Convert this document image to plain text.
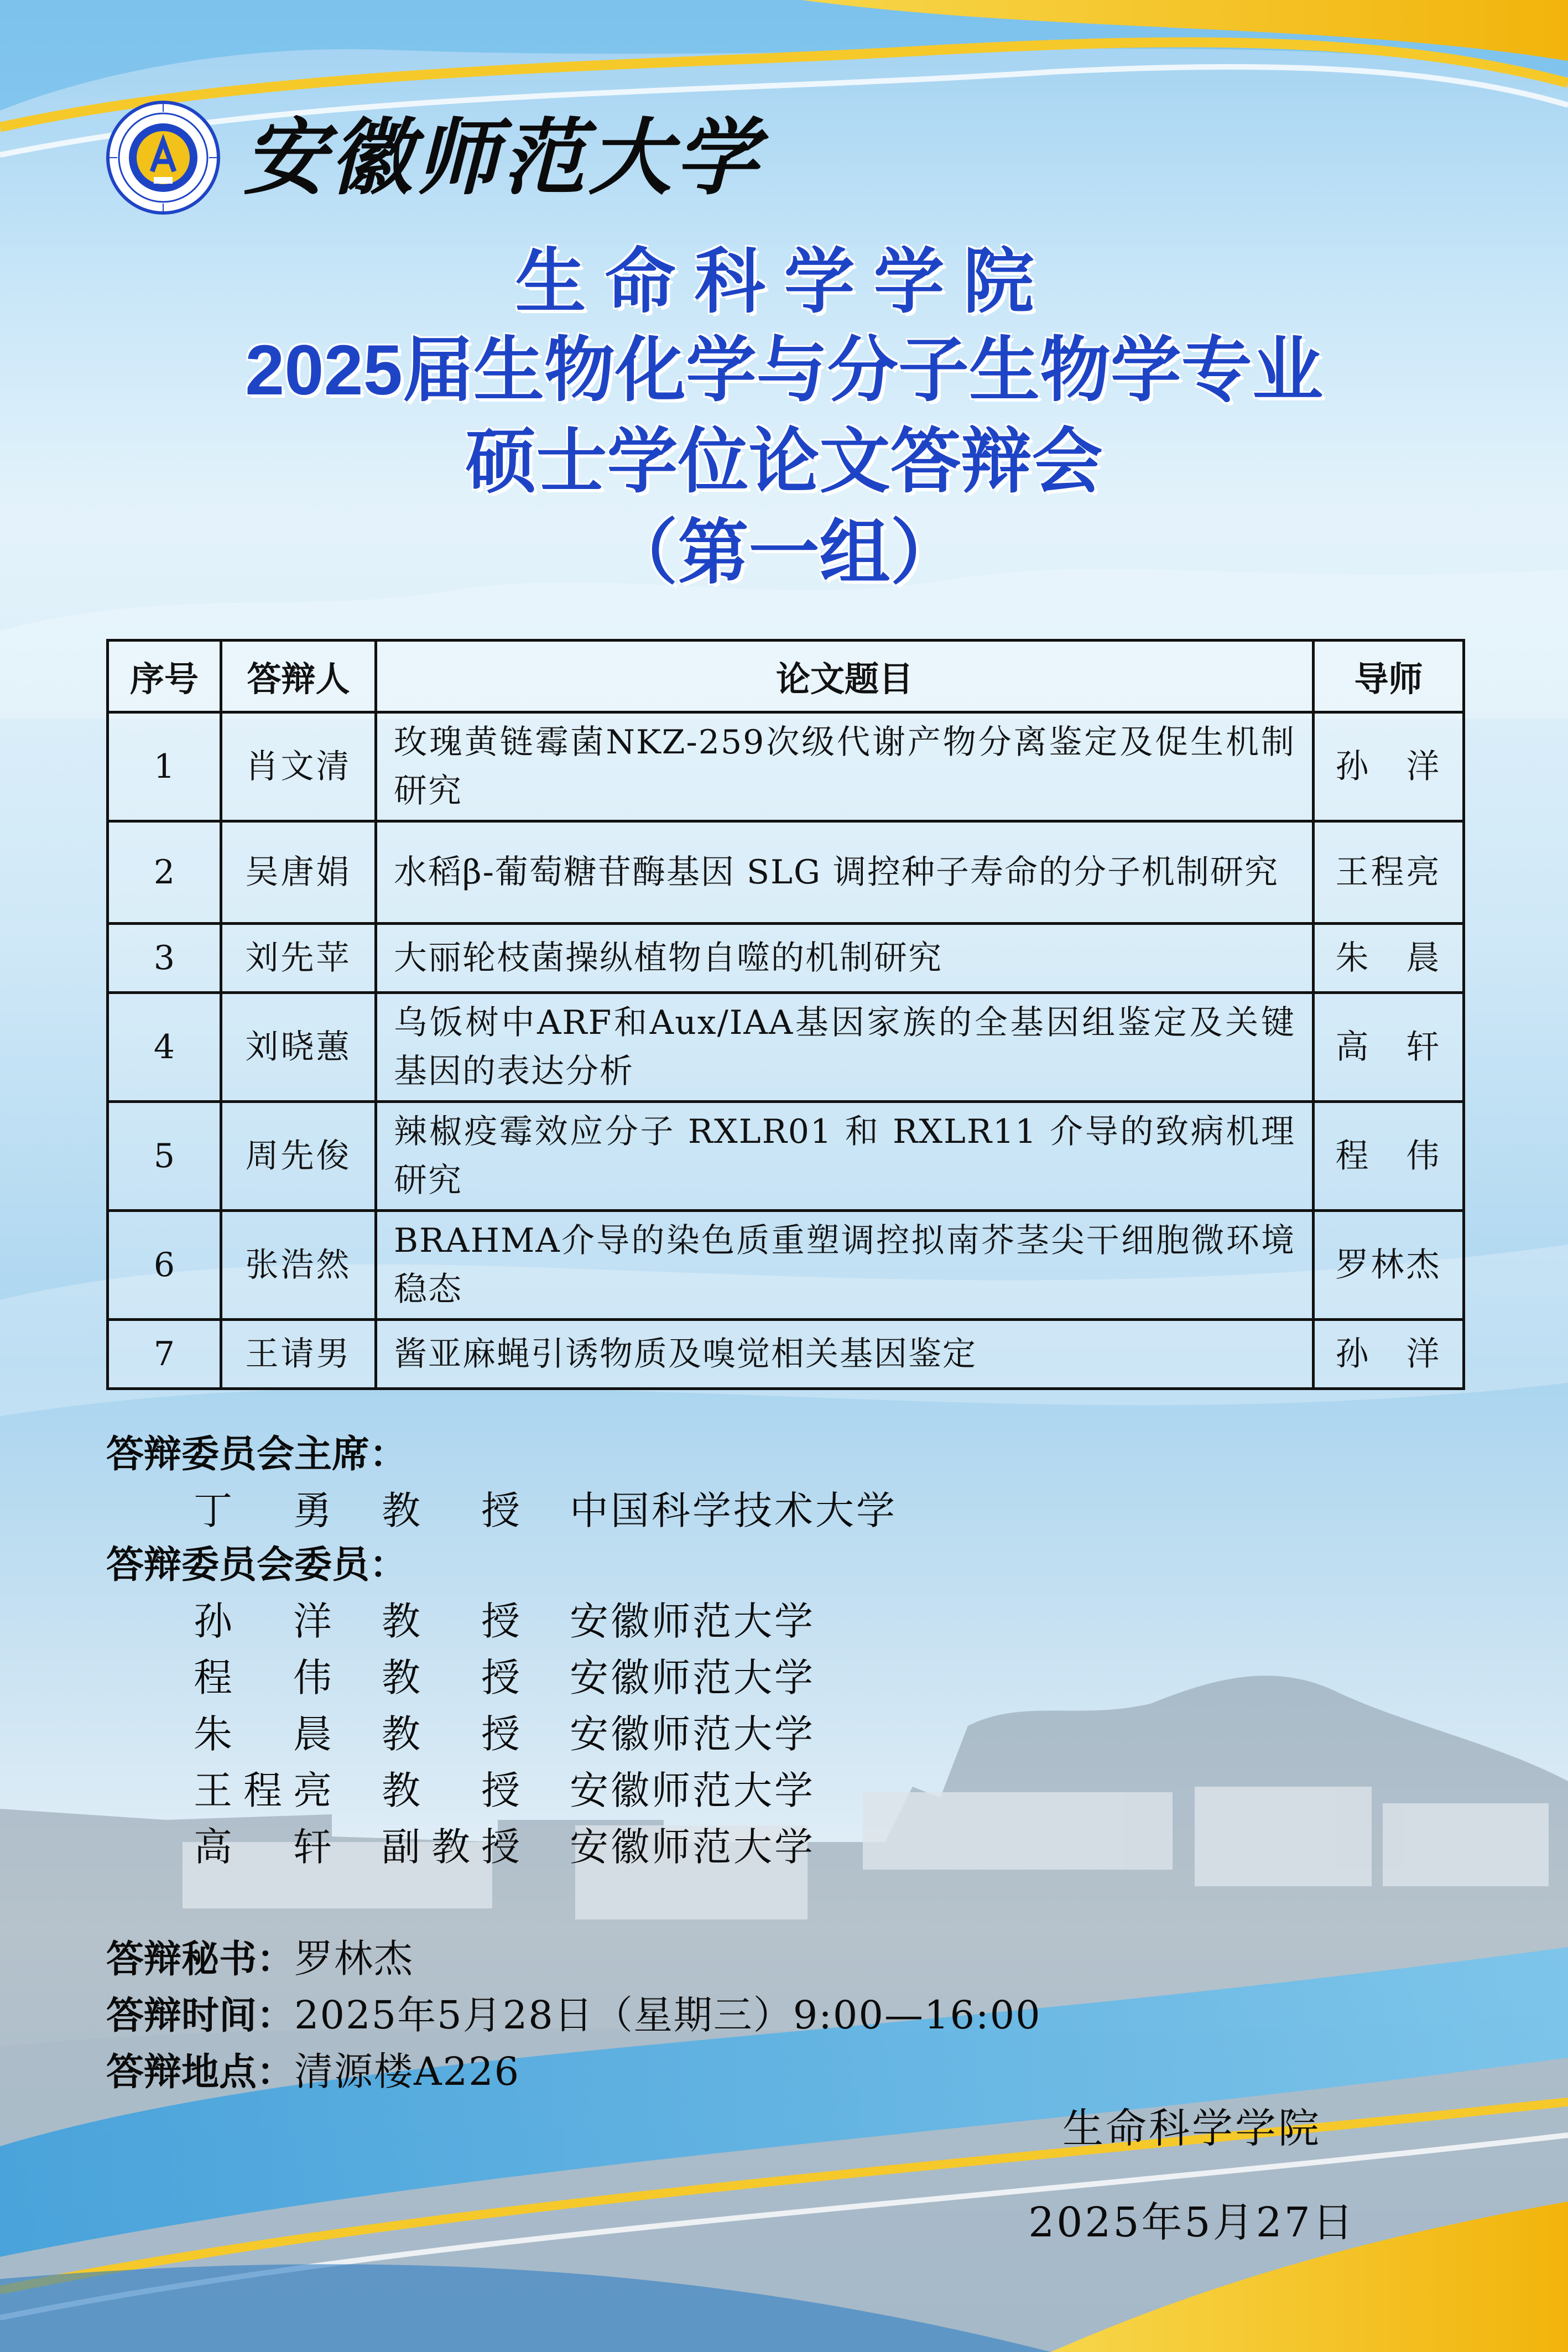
安徽师范大学
生命科学学院
2025届生物化学与分子生物学专业
硕士学位论文答辩会
（第一组）
序号	答辩人	论文题目	导师
1	肖文清	玫瑰黄链霉菌NKZ-259次级代谢产物分离鉴定及促生机制研究	孙　洋
2	吴唐娟	水稻β-葡萄糖苷酶基因 SLG 调控种子寿命的分子机制研究	王程亮
3	刘先苹	大丽轮枝菌操纵植物自噬的机制研究	朱　晨
4	刘晓蕙	乌饭树中ARF和Aux/IAA基因家族的全基因组鉴定及关键基因的表达分析	高　轩
5	周先俊	辣椒疫霉效应分子 RXLR01 和 RXLR11 介导的致病机理研究	程　伟
6	张浩然	BRAHMA介导的染色质重塑调控拟南芥茎尖干细胞微环境稳态	罗林杰
7	王请男	酱亚麻蝇引诱物质及嗅觉相关基因鉴定	孙　洋
答辩委员会主席：
丁　勇 教　授 中国科学技术大学
答辩委员会委员：
孙　洋 教　授 安徽师范大学
程　伟 教　授 安徽师范大学
朱　晨 教　授 安徽师范大学
王程亮 教　授 安徽师范大学
高　轩 副教授 安徽师范大学
答辩秘书：罗林杰
答辩时间：2025年5月28日（星期三）9:00—16:00
答辩地点：清源楼A226
生命科学学院
2025年5月27日
